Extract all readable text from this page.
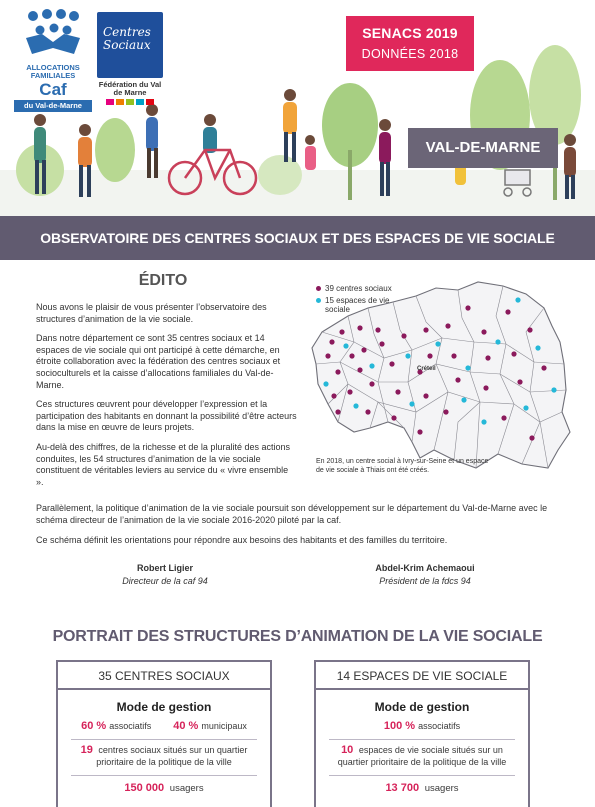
ALLOCATIONS FAMILIALES
Caf
du Val-de-Marne
Centres
Sociaux
Fédération du Val de Marne
SENACS 2019
DONNÉES 2018
VAL-DE-MARNE
OBSERVATOIRE DES CENTRES SOCIAUX ET DES ESPACES DE VIE SOCIALE
ÉDITO

Nous avons le plaisir de vous présenter l’observatoire des structures d’animation de la vie sociale.

Dans notre département ce sont 35 centres sociaux et 14 espaces de vie sociale qui ont participé à cette démarche, en étroite collaboration avec la fédération des centres sociaux et socioculturels et la caisse d’allocations familiales du Val-de-Marne.

Ces structures œuvrent pour développer l’expression et la participation des habitants en donnant la possibilité d’être acteurs dans la mise en œuvre de leurs projets.

Au-delà des chiffres, de la richesse et de la pluralité des actions conduites, les 54 structures d’animation de la vie sociale constituent de véritables leviers au service du « vivre ensemble ».

Parallèlement, la politique d’animation de la vie sociale poursuit son développement sur le département du Val-de-Marne avec le schéma directeur de l’animation de la vie sociale 2016-2020 piloté par la caf.

Ce schéma définit les orientations pour répondre aux besoins des habitants et des familles du territoire.

Robert Ligier
Directeur de la caf 94
Abdel-Krim Achemaoui
Président de la fdcs 94
39 centres sociaux
15 espaces de vie sociale
Créteil
En 2018, un centre social à Ivry-sur-Seine et un espace de vie sociale à Thiais ont été créés.
PORTRAIT DES STRUCTURES D’ANIMATION DE LA VIE SOCIALE
35 CENTRES SOCIAUX
Mode de gestion
60 % associatifs 40 % municipaux
19 centres sociaux situés sur un quartier prioritaire de la politique de la ville
150 000 usagers
14 ESPACES DE VIE SOCIALE
Mode de gestion
100 % associatifs
10 espaces de vie sociale situés sur un quartier prioritaire de la politique de la ville
13 700 usagers
